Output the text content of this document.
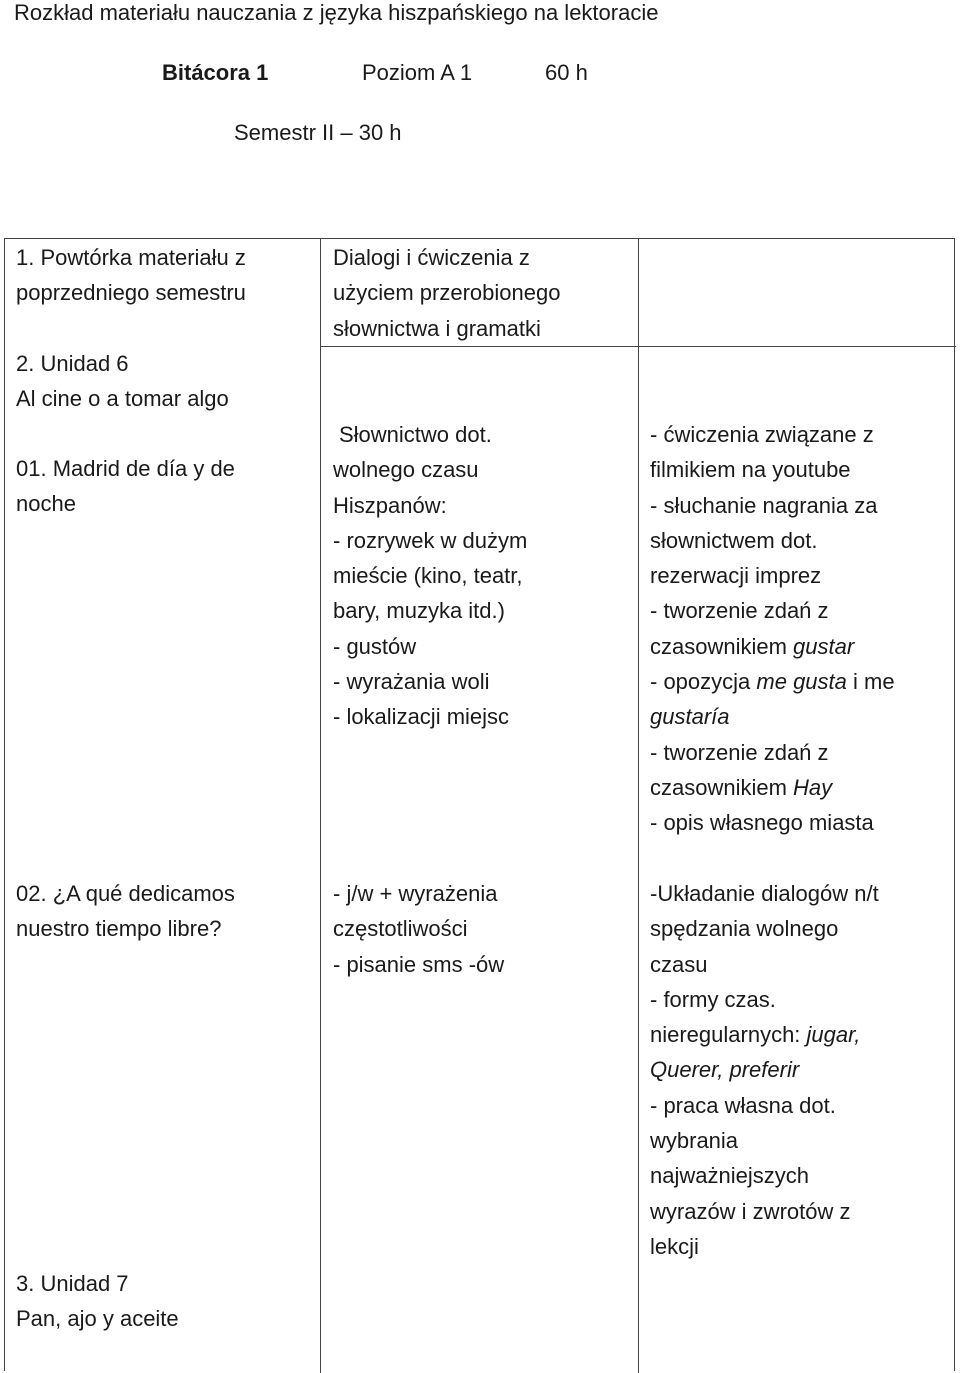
Rozkład materiału nauczania z języka hiszpańskiego na lektoracie
Bitácora 1	Poziom A 1	60 h
Semestr II – 30 h
1. Powtórka materiału z
poprzedniego semestru
2. Unidad 6
Al cine o a tomar algo
01. Madrid de día y de
noche
02. ¿A qué dedicamos
nuestro tiempo libre?
3. Unidad 7
Pan, ajo y aceite
Dialogi i ćwiczenia z
użyciem przerobionego
słownictwa i gramatki
Słownictwo dot.
wolnego czasu
Hiszpanów:
- rozrywek w dużym
mieście (kino, teatr,
bary, muzyka itd.)
- gustów
- wyrażania woli
- lokalizacji miejsc
- j/w + wyrażenia
częstotliwości
- pisanie sms -ów
- ćwiczenia związane z
filmikiem na youtube
- słuchanie nagrania za
słownictwem dot.
rezerwacji imprez
- tworzenie zdań z
czasownikiem gustar
- opozycja me gusta i me
gustaría
- tworzenie zdań z
czasownikiem Hay
- opis własnego miasta
-Układanie dialogów n/t
spędzania wolnego
czasu
- formy czas.
nieregularnych: jugar,
Querer, preferir
- praca własna dot.
wybrania
najważniejszych
wyrazów i zwrotów z
lekcji
